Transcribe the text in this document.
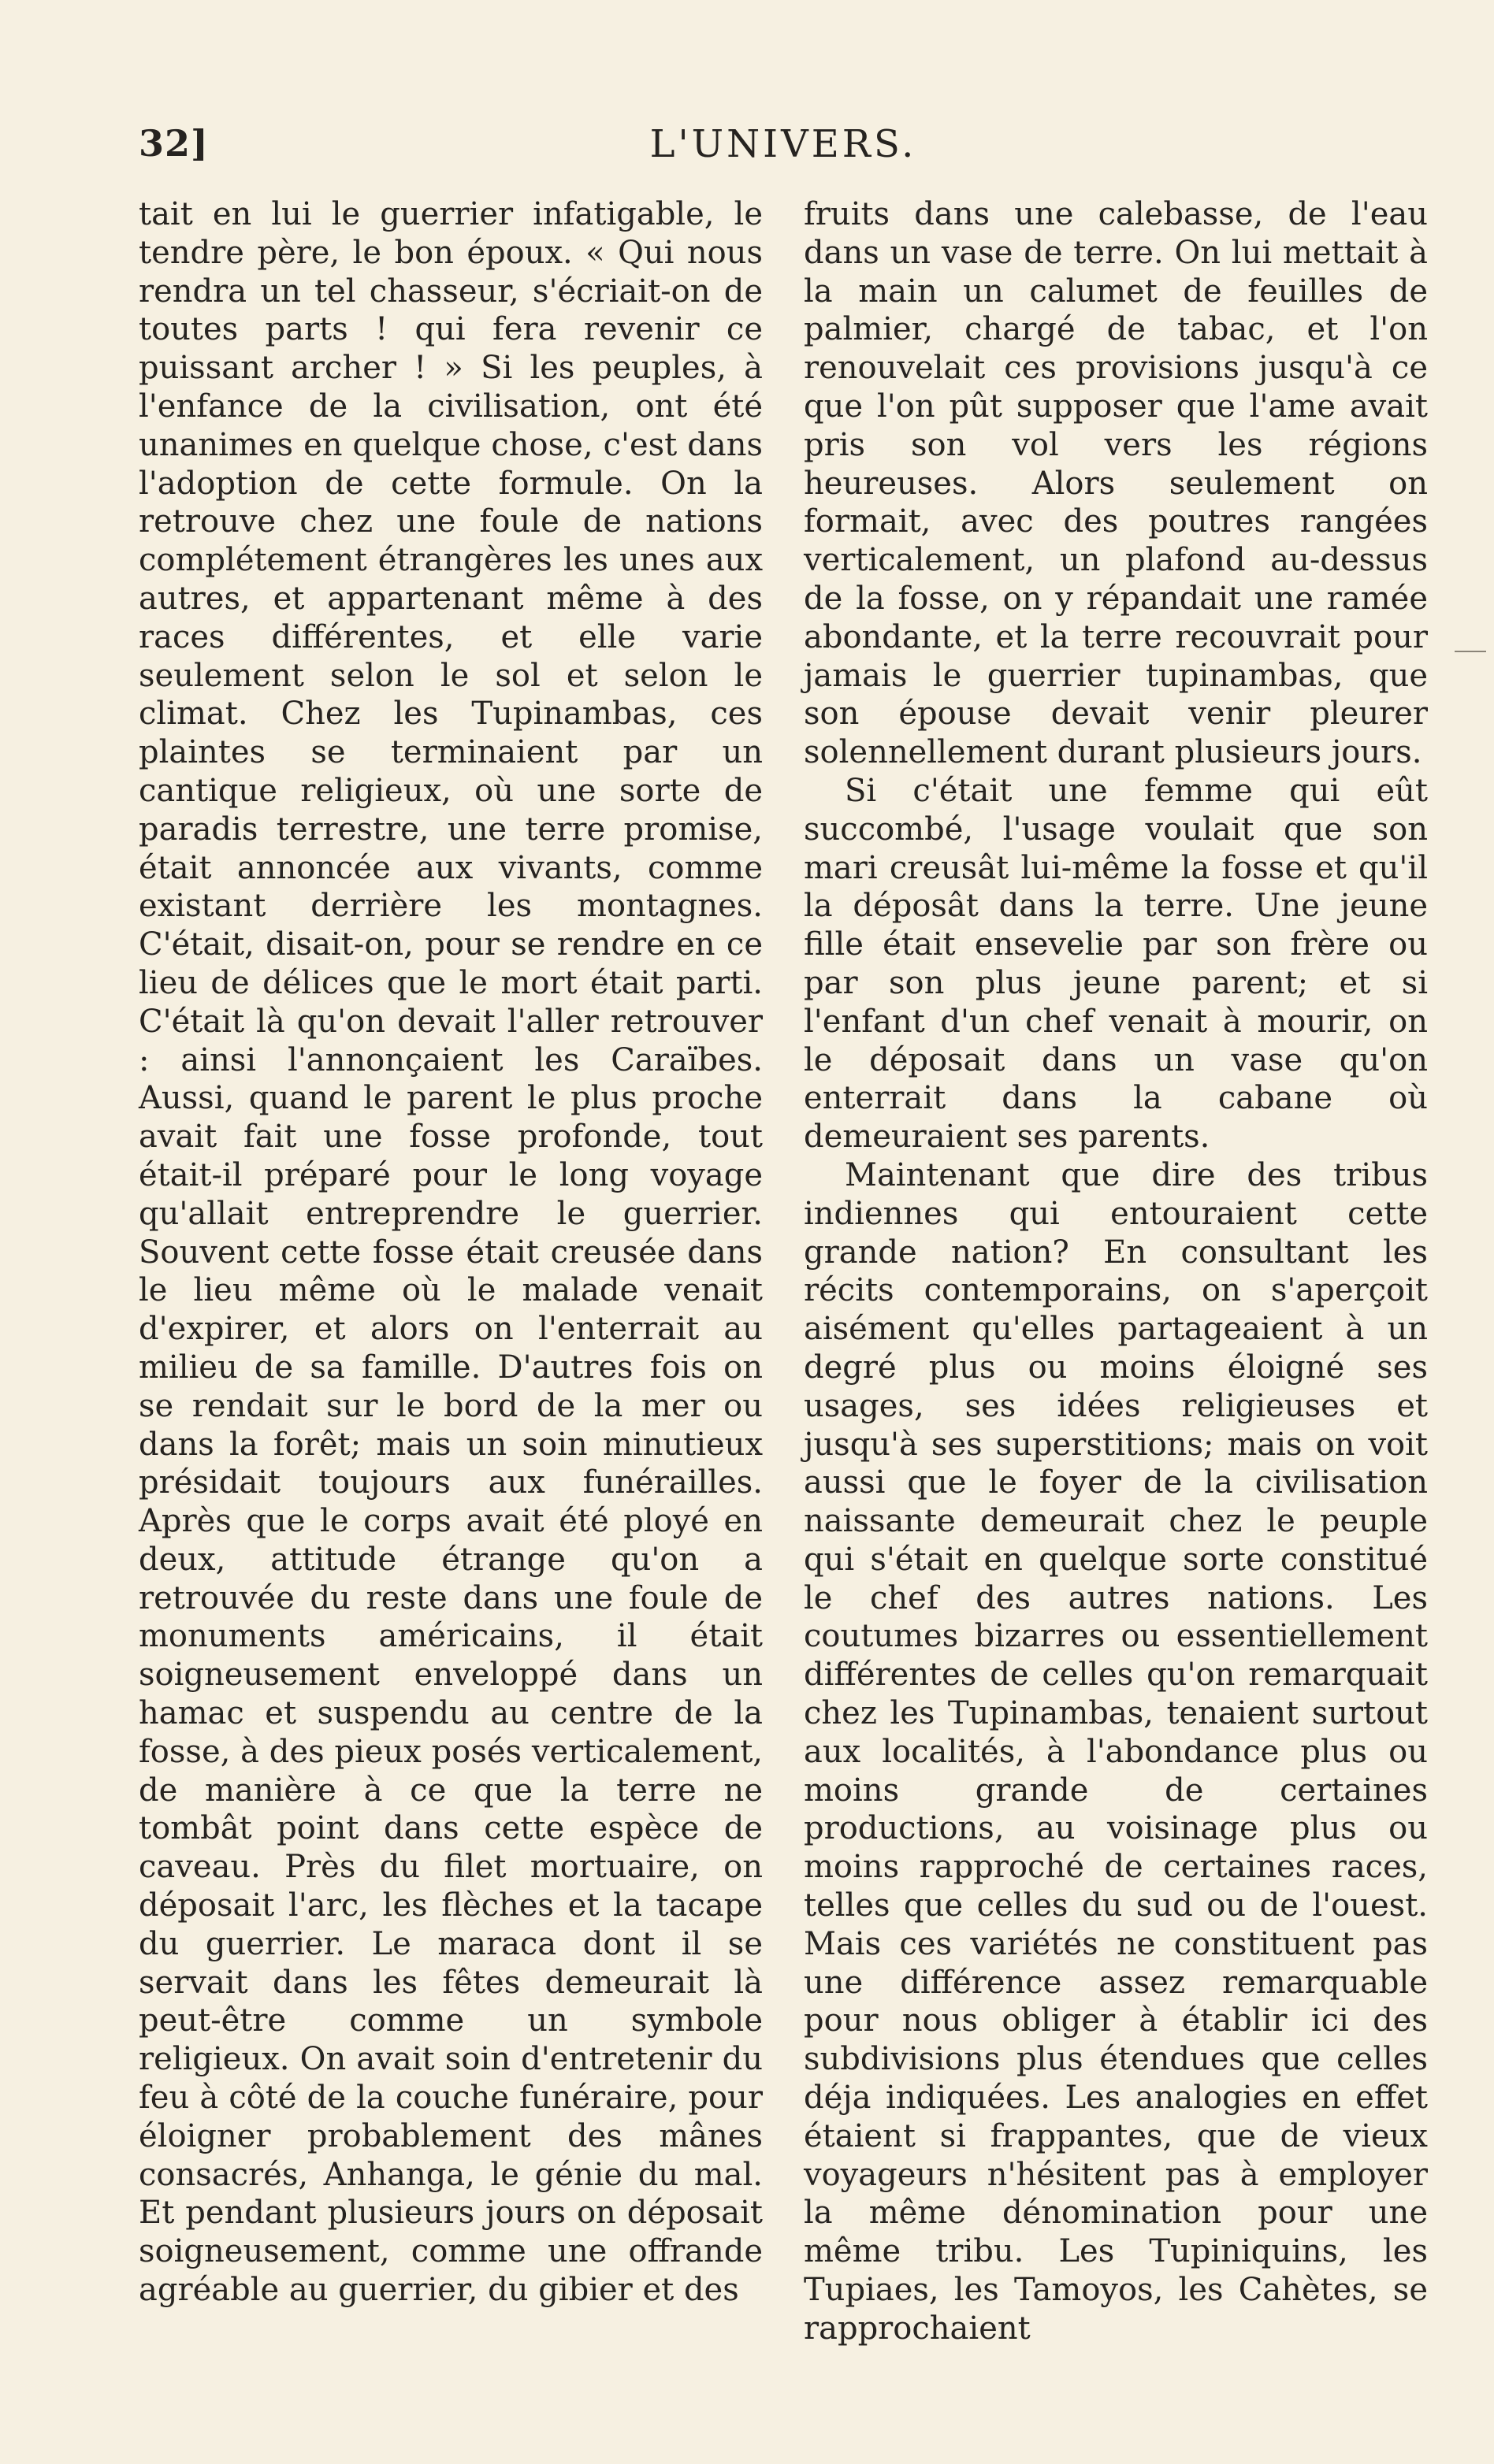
32]	L'UNIVERS.

tait en lui le guerrier infatigable, le tendre père, le bon époux. « Qui nous rendra un tel chasseur, s'écriait-on de toutes parts ! qui fera revenir ce puissant archer ! » Si les peuples, à l'enfance de la civilisation, ont été unanimes en quelque chose, c'est dans l'adoption de cette formule. On la retrouve chez une foule de nations complétement étrangères les unes aux autres, et appartenant même à des races différentes, et elle varie seulement selon le sol et selon le climat. Chez les Tupinambas, ces plaintes se terminaient par un cantique religieux, où une sorte de paradis terrestre, une terre promise, était annoncée aux vivants, comme existant derrière les montagnes. C'était, disait-on, pour se rendre en ce lieu de délices que le mort était parti. C'était là qu'on devait l'aller retrouver : ainsi l'annonçaient les Caraïbes. Aussi, quand le parent le plus proche avait fait une fosse profonde, tout était-il préparé pour le long voyage qu'allait entreprendre le guerrier. Souvent cette fosse était creusée dans le lieu même où le malade venait d'expirer, et alors on l'enterrait au milieu de sa famille. D'autres fois on se rendait sur le bord de la mer ou dans la forêt; mais un soin minutieux présidait toujours aux funérailles. Après que le corps avait été ployé en deux, attitude étrange qu'on a retrouvée du reste dans une foule de monuments américains, il était soigneusement enveloppé dans un hamac et suspendu au centre de la fosse, à des pieux posés verticalement, de manière à ce que la terre ne tombât point dans cette espèce de caveau. Près du filet mortuaire, on déposait l'arc, les flèches et la tacape du guerrier. Le maraca dont il se servait dans les fêtes demeurait là peut-être comme un symbole religieux. On avait soin d'entretenir du feu à côté de la couche funéraire, pour éloigner probablement des mânes consacrés, Anhanga, le génie du mal. Et pendant plusieurs jours on déposait soigneusement, comme une offrande agréable au guerrier, du gibier et des

fruits dans une calebasse, de l'eau dans un vase de terre. On lui mettait à la main un calumet de feuilles de palmier, chargé de tabac, et l'on renouvelait ces provisions jusqu'à ce que l'on pût supposer que l'ame avait pris son vol vers les régions heureuses. Alors seulement on formait, avec des poutres rangées verticalement, un plafond au-dessus de la fosse, on y répandait une ramée abondante, et la terre recouvrait pour jamais le guerrier tupinambas, que son épouse devait venir pleurer solennellement durant plusieurs jours.

Si c'était une femme qui eût succombé, l'usage voulait que son mari creusât lui-même la fosse et qu'il la déposât dans la terre. Une jeune fille était ensevelie par son frère ou par son plus jeune parent; et si l'enfant d'un chef venait à mourir, on le déposait dans un vase qu'on enterrait dans la cabane où demeuraient ses parents.

Maintenant que dire des tribus indiennes qui entouraient cette grande nation? En consultant les récits contemporains, on s'aperçoit aisément qu'elles partageaient à un degré plus ou moins éloigné ses usages, ses idées religieuses et jusqu'à ses superstitions; mais on voit aussi que le foyer de la civilisation naissante demeurait chez le peuple qui s'était en quelque sorte constitué le chef des autres nations. Les coutumes bizarres ou essentiellement différentes de celles qu'on remarquait chez les Tupinambas, tenaient surtout aux localités, à l'abondance plus ou moins grande de certaines productions, au voisinage plus ou moins rapproché de certaines races, telles que celles du sud ou de l'ouest. Mais ces variétés ne constituent pas une différence assez remarquable pour nous obliger à établir ici des subdivisions plus étendues que celles déja indiquées. Les analogies en effet étaient si frappantes, que de vieux voyageurs n'hésitent pas à employer la même dénomination pour une même tribu. Les Tupiniquins, les Tupiaes, les Tamoyos, les Cahètes, se rapprochaient
